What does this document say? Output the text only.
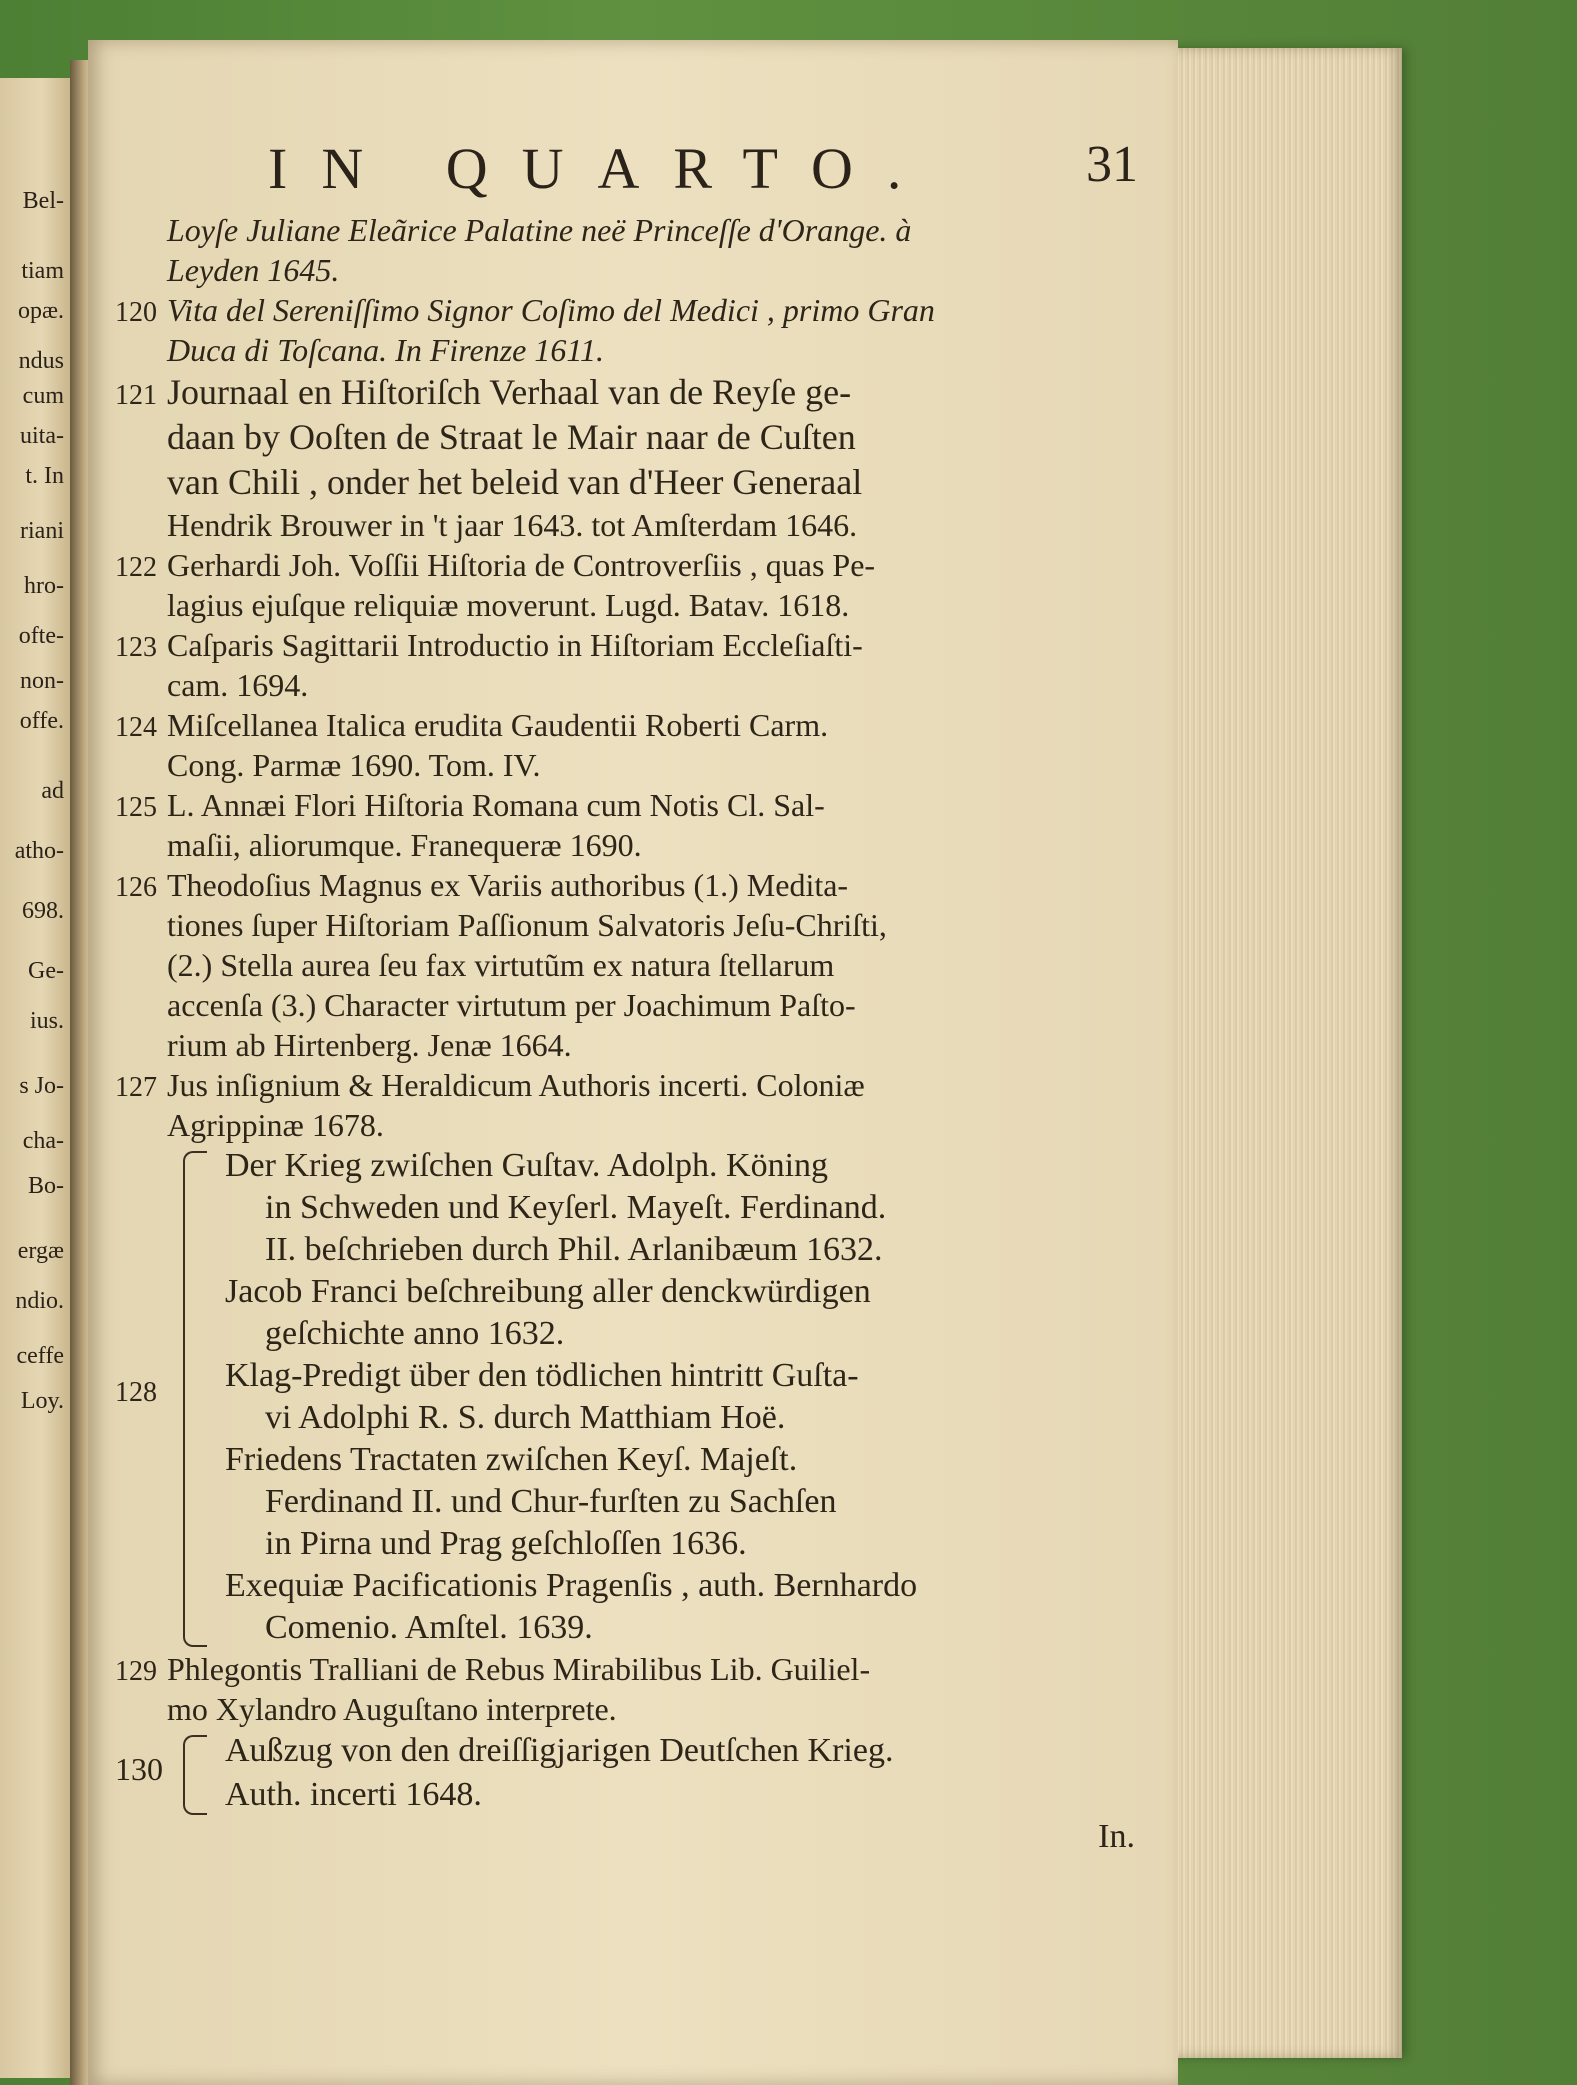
Bel-
tiam
opæ.
ndus
cum
uita-
t. In
riani
hro-
ofte-
non-
offe.
ad
atho-
698.
Ge-
ius.
s Jo-
cha-
Bo-
ergæ
ndio.
ceffe
Loy.
IN QUARTO.	31
Loyſe Juliane Eleãrice Palatine neë Princeſſe d'Orange. à
Leyden 1645.
120 Vita del Sereniſſimo Signor Coſimo del Medici , primo Gran
Duca di Toſcana. In Firenze 1611.
121 Journaal en Hiſtoriſch Verhaal van de Reyſe ge-
daan by Ooſten de Straat le Mair naar de Cuſten
van Chili , onder het beleid van d'Heer Generaal
Hendrik Brouwer in 't jaar 1643. tot Amſterdam 1646.
122 Gerhardi Joh. Voſſii Hiſtoria de Controverſiis , quas Pe-
lagius ejuſque reliquiæ moverunt. Lugd. Batav. 1618.
123 Caſparis Sagittarii Introductio in Hiſtoriam Eccleſiaſti-
cam. 1694.
124 Miſcellanea Italica erudita Gaudentii Roberti Carm.
Cong. Parmæ 1690. Tom. IV.
125 L. Annæi Flori Hiſtoria Romana cum Notis Cl. Sal-
maſii, aliorumque. Franequeræ 1690.
126 Theodoſius Magnus ex Variis authoribus (1.) Medita-
tiones ſuper Hiſtoriam Paſſionum Salvatoris Jeſu-Chriſti,
(2.) Stella aurea ſeu fax virtutũm ex natura ſtellarum
accenſa (3.) Character virtutum per Joachimum Paſto-
rium ab Hirtenberg. Jenæ 1664.
127 Jus inſignium & Heraldicum Authoris incerti. Coloniæ
Agrippinæ 1678.
128
Der Krieg zwiſchen Guſtav. Adolph. Köning
in Schweden und Keyſerl. Mayeſt. Ferdinand.
II. beſchrieben durch Phil. Arlanibæum 1632.
Jacob Franci beſchreibung aller denckwürdigen
geſchichte anno 1632.
Klag-Predigt über den tödlichen hintritt Guſta-
vi Adolphi R. S. durch Matthiam Hoë.
Friedens Tractaten zwiſchen Keyſ. Majeſt.
Ferdinand II. und Chur-furſten zu Sachſen
in Pirna und Prag geſchloſſen 1636.
Exequiæ Pacificationis Pragenſis , auth. Bernhardo
Comenio. Amſtel. 1639.
129 Phlegontis Tralliani de Rebus Mirabilibus Lib. Guiliel-
mo Xylandro Auguſtano interprete.
130	Außzug von den dreiſſigjarigen Deutſchen Krieg.
Auth. incerti 1648.
In.
